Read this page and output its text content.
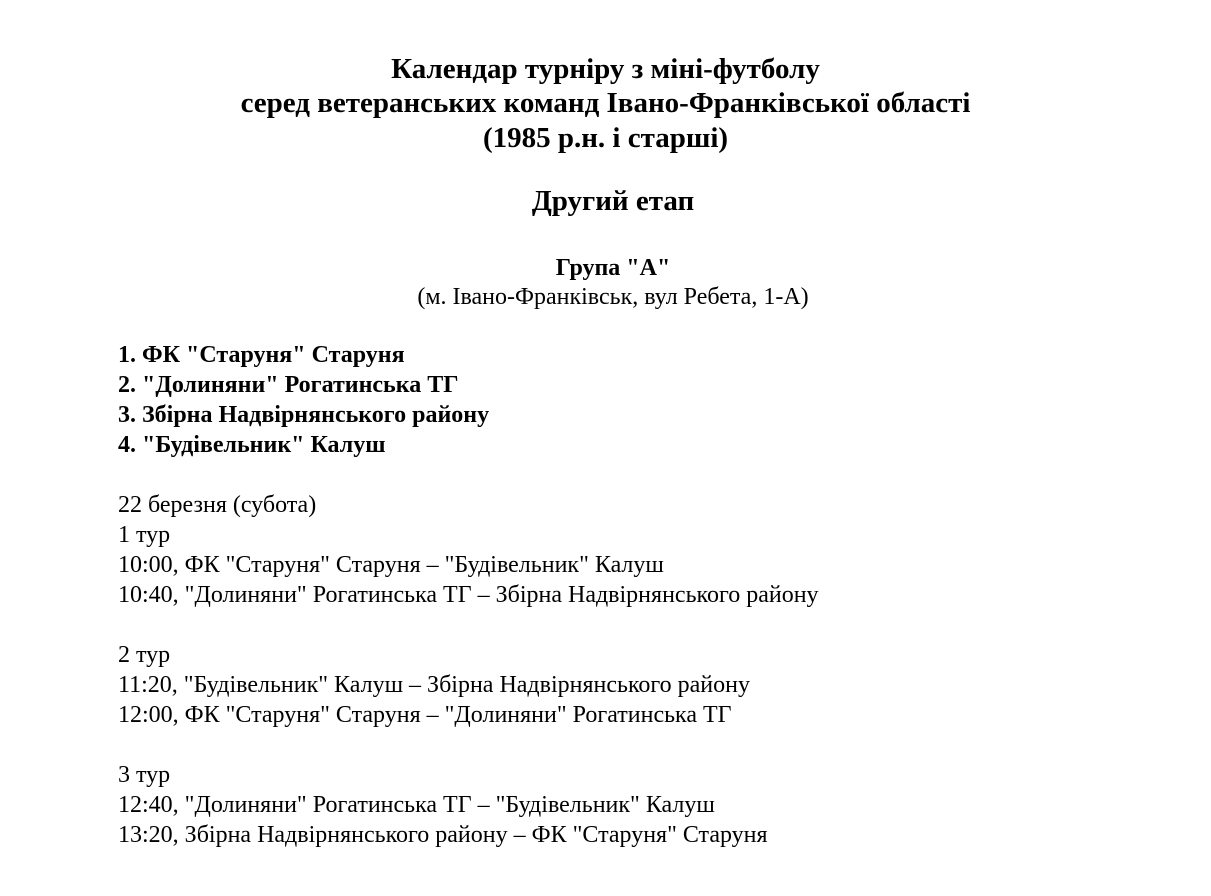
Календар турніру з міні-футболу
серед ветеранських команд Івано-Франківської області
(1985 р.н. і старші)
Другий етап
Група "А"
(м. Івано-Франківськ, вул Ребета, 1-А)
1. ФК "Старуня" Старуня
2. "Долиняни" Рогатинська ТГ
3. Збірна Надвірнянського району
4. "Будівельник" Калуш
22 березня (субота)
1 тур
10:00, ФК "Старуня" Старуня – "Будівельник" Калуш
10:40, "Долиняни" Рогатинська ТГ – Збірна Надвірнянського району
2 тур
11:20, "Будівельник" Калуш – Збірна Надвірнянського району
12:00, ФК "Старуня" Старуня – "Долиняни" Рогатинська ТГ
3 тур
12:40, "Долиняни" Рогатинська ТГ – "Будівельник" Калуш
13:20, Збірна Надвірнянського району – ФК "Старуня" Старуня
